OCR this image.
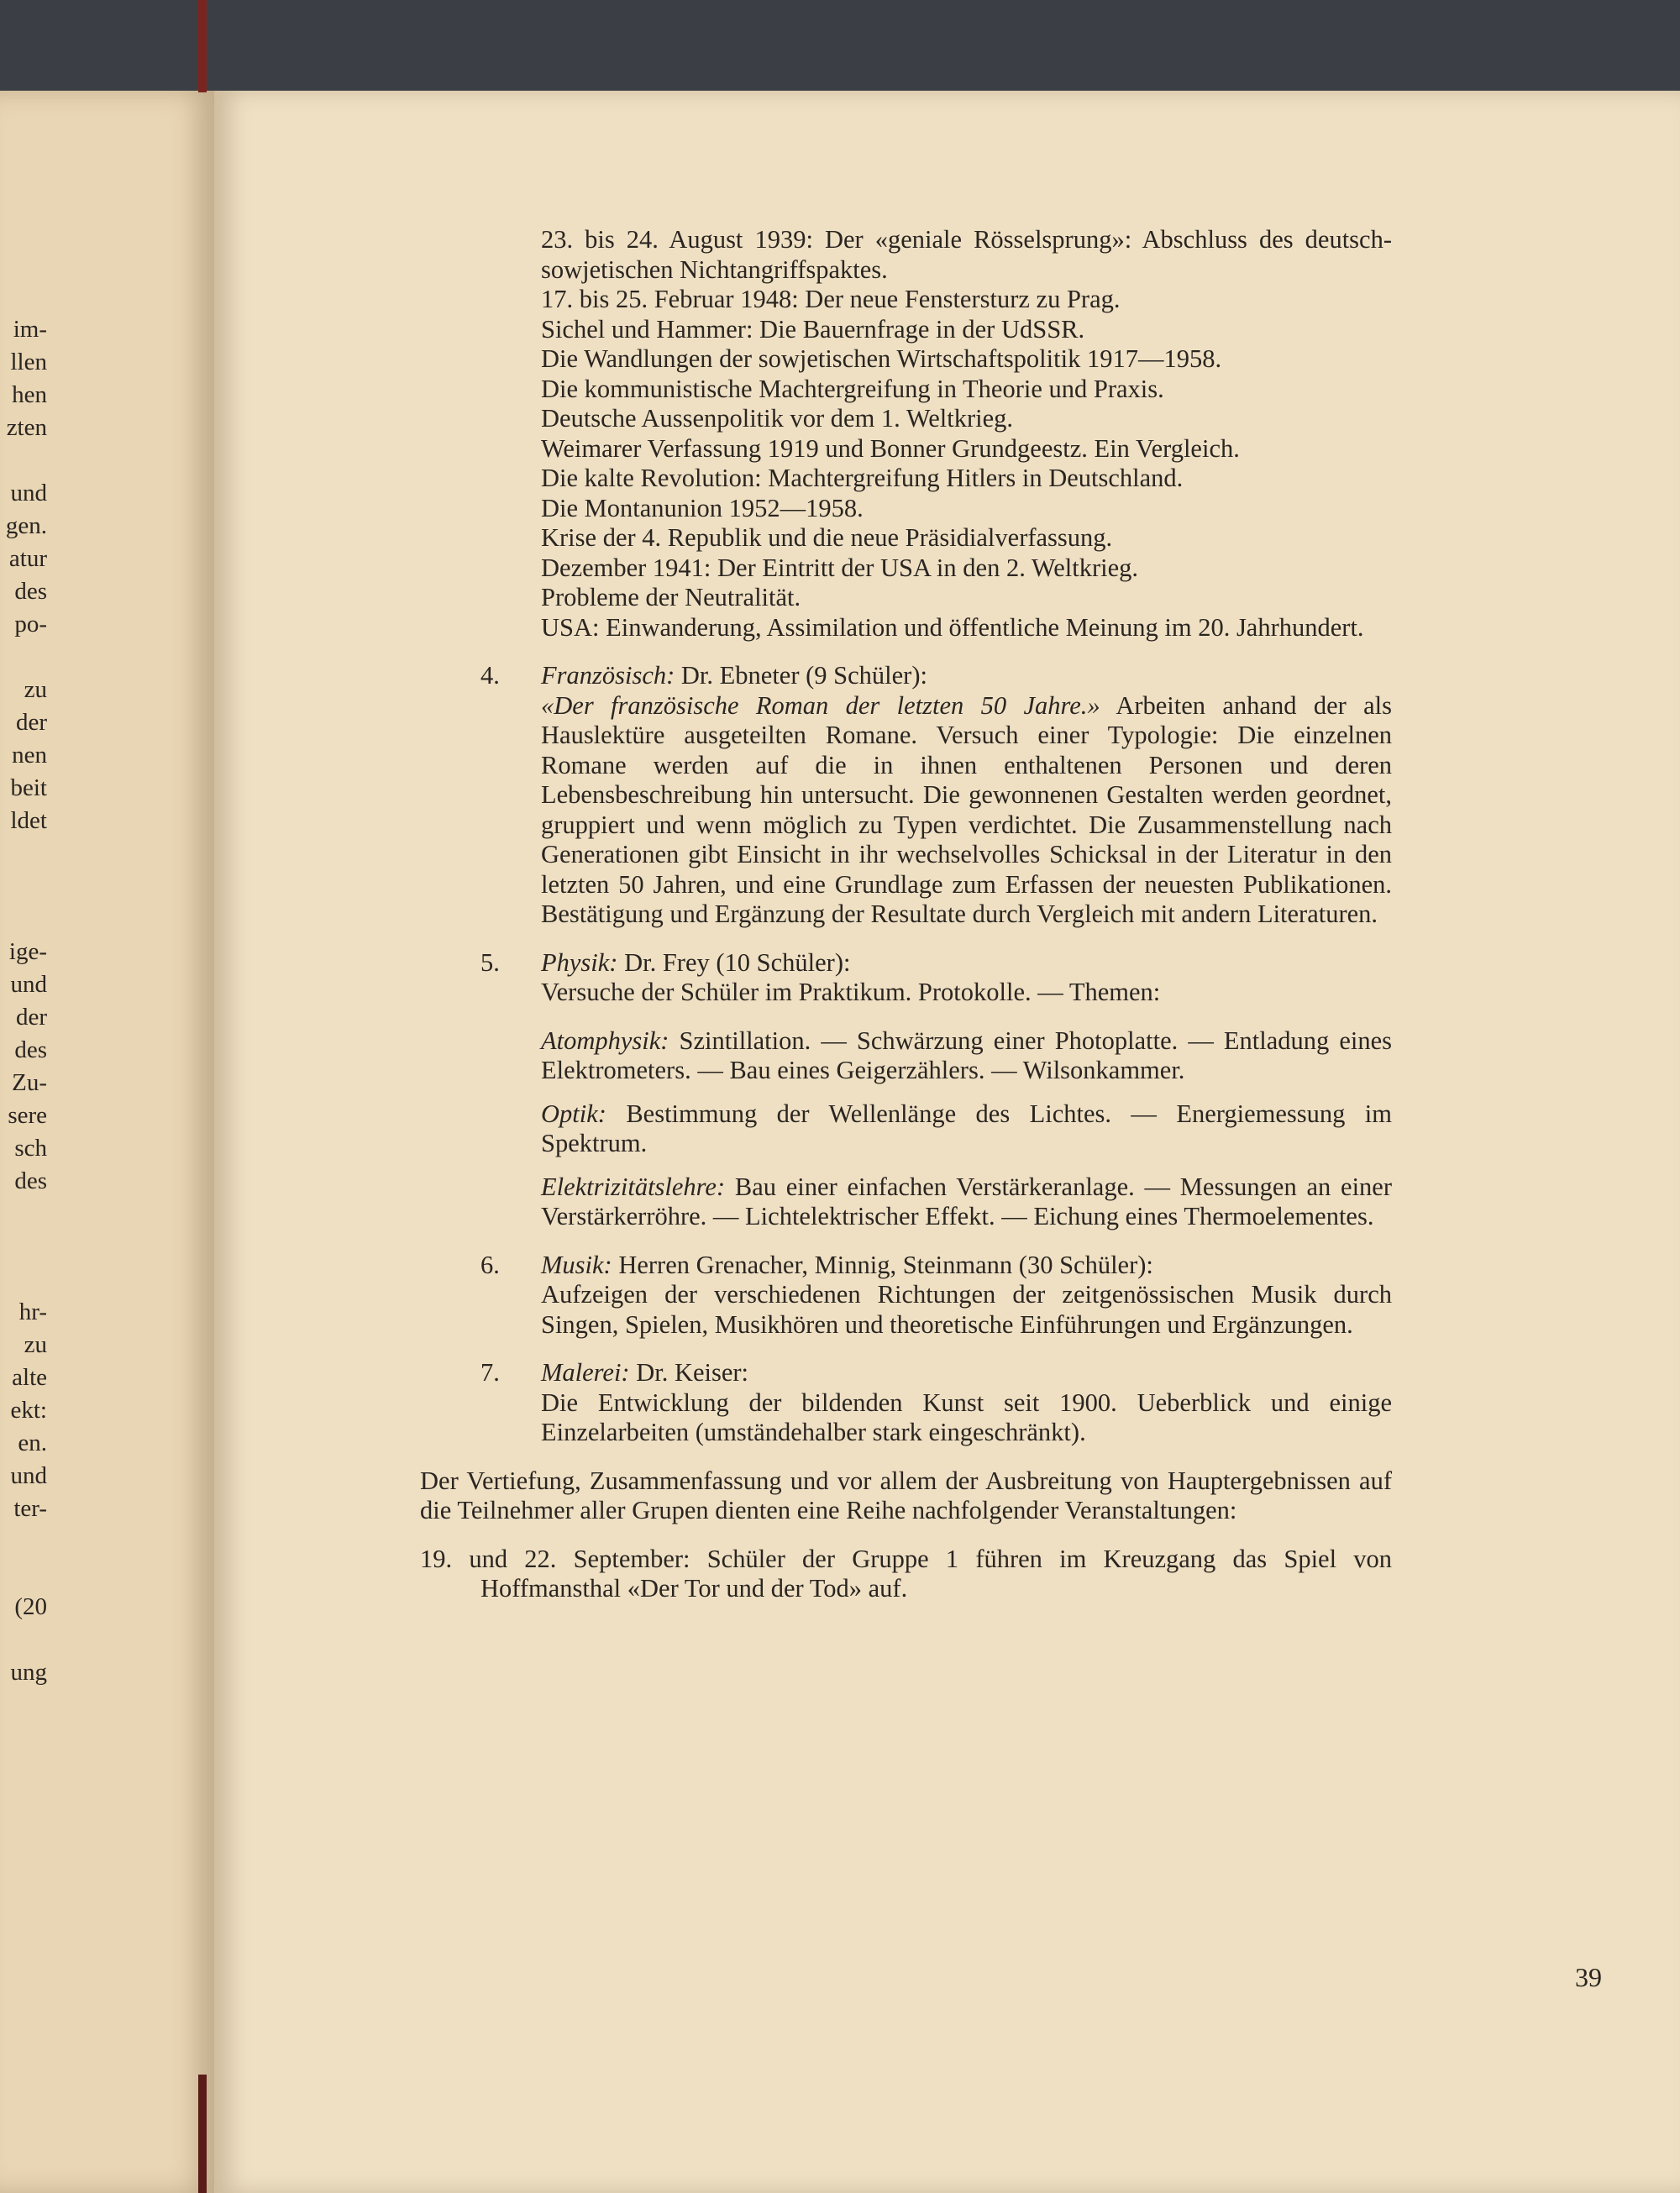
im-
llen
hen
zten
und
gen.
atur
des
po-
zu
der
nen
beit
ldet
ige-
und
der
des
Zu-
sere
sch
des
hr-
zu
alte
ekt:
en.
und
ter-
(20
ung

23. bis 24. August 1939: Der «geniale Rösselsprung»: Abschluss des deutsch-sowjetischen Nichtangriffspaktes.

17. bis 25. Februar 1948: Der neue Fenstersturz zu Prag.

Sichel und Hammer: Die Bauernfrage in der UdSSR.

Die Wandlungen der sowjetischen Wirtschaftspolitik 1917—1958.

Die kommunistische Machtergreifung in Theorie und Praxis.

Deutsche Aussenpolitik vor dem 1. Weltkrieg.

Weimarer Verfassung 1919 und Bonner Grundgeestz. Ein Vergleich.

Die kalte Revolution: Machtergreifung Hitlers in Deutschland.

Die Montanunion 1952—1958.

Krise der 4. Republik und die neue Präsidialverfassung.

Dezember 1941: Der Eintritt der USA in den 2. Weltkrieg.

Probleme der Neutralität.

USA: Einwanderung, Assimilation und öffentliche Meinung im 20. Jahrhundert.

4. Französisch: Dr. Ebneter (9 Schüler):

«Der französische Roman der letzten 50 Jahre.» Arbeiten anhand der als Hauslektüre ausgeteilten Romane. Versuch einer Typologie: Die einzelnen Romane werden auf die in ihnen enthaltenen Personen und deren Lebensbeschreibung hin untersucht. Die gewonnenen Gestalten werden geordnet, gruppiert und wenn möglich zu Typen verdichtet. Die Zusammenstellung nach Generationen gibt Einsicht in ihr wechselvolles Schicksal in der Literatur in den letzten 50 Jahren, und eine Grundlage zum Erfassen der neuesten Publikationen. Bestätigung und Ergänzung der Resultate durch Vergleich mit andern Literaturen.

5. Physik: Dr. Frey (10 Schüler):

Versuche der Schüler im Praktikum. Protokolle. — Themen:

Atomphysik: Szintillation. — Schwärzung einer Photoplatte. — Entladung eines Elektrometers. — Bau eines Geigerzählers. — Wilsonkammer.

Optik: Bestimmung der Wellenlänge des Lichtes. — Energiemessung im Spektrum.

Elektrizitätslehre: Bau einer einfachen Verstärkeranlage. — Messungen an einer Verstärkerröhre. — Lichtelektrischer Effekt. — Eichung eines Thermoelementes.

6. Musik: Herren Grenacher, Minnig, Steinmann (30 Schüler):

Aufzeigen der verschiedenen Richtungen der zeitgenössischen Musik durch Singen, Spielen, Musikhören und theoretische Einführungen und Ergänzungen.

7. Malerei: Dr. Keiser:

Die Entwicklung der bildenden Kunst seit 1900. Ueberblick und einige Einzelarbeiten (umständehalber stark eingeschränkt).

Der Vertiefung, Zusammenfassung und vor allem der Ausbreitung von Hauptergebnissen auf die Teilnehmer aller Grupen dienten eine Reihe nachfolgender Veranstaltungen:

19. und 22. September: Schüler der Gruppe 1 führen im Kreuzgang das Spiel von Hoffmansthal «Der Tor und der Tod» auf.

39
